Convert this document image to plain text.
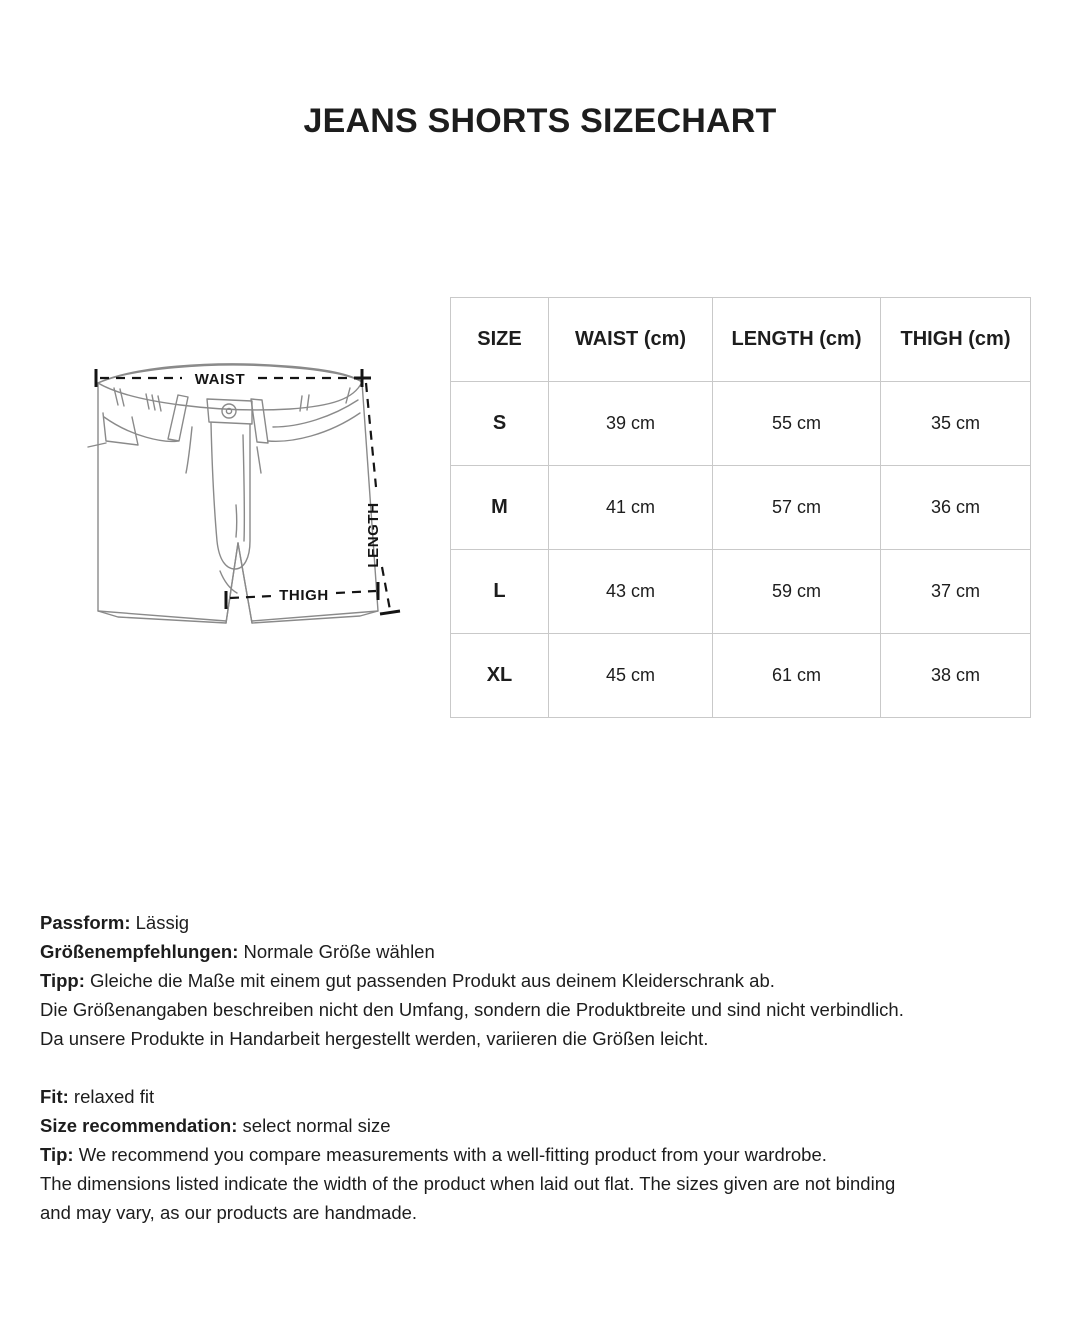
JEANS SHORTS SIZECHART
WAIST
LENGTH
THIGH
SIZE	WAIST (cm)	LENGTH (cm)	THIGH (cm)
S	39 cm	55 cm	35 cm
M	41 cm	57 cm	36 cm
L	43 cm	59 cm	37 cm
XL	45 cm	61 cm	38 cm
Passform: Lässig
Größenempfehlungen: Normale Größe wählen
Tipp: Gleiche die Maße mit einem gut passenden Produkt aus deinem Kleiderschrank ab.
Die Größenangaben beschreiben nicht den Umfang, sondern die Produktbreite und sind nicht verbindlich.
Da unsere Produkte in Handarbeit hergestellt werden, variieren die Größen leicht.
Fit: relaxed fit
Size recommendation: select normal size
Tip: We recommend you compare measurements with a well-fitting product from your wardrobe.
The dimensions listed indicate the width of the product when laid out flat. The sizes given are not binding
and may vary, as our products are handmade.
